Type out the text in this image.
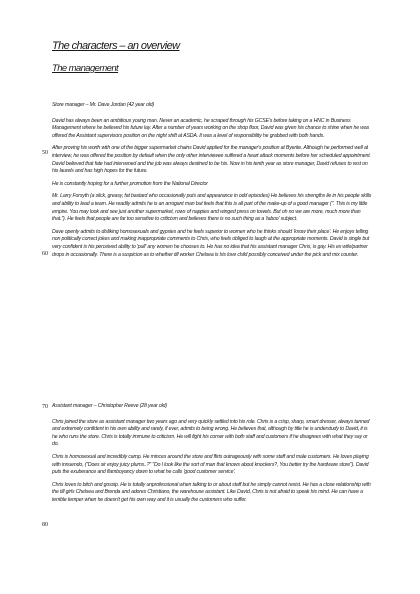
The characters – an overview
The management
50
60
70
80

Store manager – Mr. Dave Jordan (42 year old)

David has always been an ambitious young man. Never an academic, he scraped through his GCSE's before taking on a HNC in Business Management where he believed his future lay. After a number of years working on the shop floor, David was given his chance to shine when he was offered the Assistant supervisors position on the night shift at ASDA. It was a level of responsibility he grabbed with both hands.

After proving his worth with one of the bigger supermarket chains David applied for the manager's position at Byerite. Although he performed well at interview, he was offered the position by default when the only other interviewee suffered a heart attack moments before her scheduled appointment. David believed that fate had intervened and the job was always destined to be his. Now in his tenth year as store manager, David refuses to rest on his laurels and has high hopes for the future.

He is constantly hoping for a further promotion from the National Director

Mr. Larry Forsyth (a slick, greasy, fat bastard who occasionally puts and appearance in odd episodes) He believes his strengths lie in his people skills and ability to lead a team. He readily admits he is an arrogant man but feels that this is all part of the make-up of a good manager (". This is my little empire. You may look and see just another supermarket, rows of nappies and winged press on towels. But oh no we are more, much more than that."). He feels that people are far too sensitive to criticism and believes there is no such thing as a 'taboo' subject.

Dave openly admits to disliking homosexuals and gypsies and he feels superior to women who he thinks should 'know their place'. He enjoys telling non politically correct jokes and making inappropriate comments to Chris, who feels obliged to laugh at the appropriate moments. David is single but very confident is his perceived ability to 'pull' any women he chooses to. He has no idea that his assistant manager Chris, is gay. His ex wife/partner drops in occasionally. There is a suspicion as to whether till worker Chelsea is his love child possibly conceived under the pick and mix counter.

Assistant manager – Christopher Reeve (28 year old)

Chris joined the store as assistant manager two years ago and very quickly settled into his role. Chris is a crisp, sharp, smart dresser, always tanned and extremely confident in his own ability and rarely, if ever, admits to being wrong. He believes that, although by title he is understudy to David, it is he who runs the store. Chris is totally immune to criticism. He will fight his corner with both staff and customers if he disagrees with what they say or do.

Chris is homosexual and incredibly camp. He minces around the store and flirts outrageously with some staff and male customers. He loves playing with innuendo, ("Does sir enjoy juicy plums..?" "Do I look like the sort of man that knows about knockers?, You better try the hardware store"). David puts the exuberance and flamboyancy down to what he calls 'good customer service'.

Chris loves to bitch and gossip. He is totally unprofessional when talking to or about staff but he simply cannot resist. He has a close relationship with the till girls Chelsea and Brenda and adores Christiano, the warehouse assistant. Like David, Chris is not afraid to speak his mind. He can have a terrible temper when he doesn't get his own way and it is usually the customers who suffer.
